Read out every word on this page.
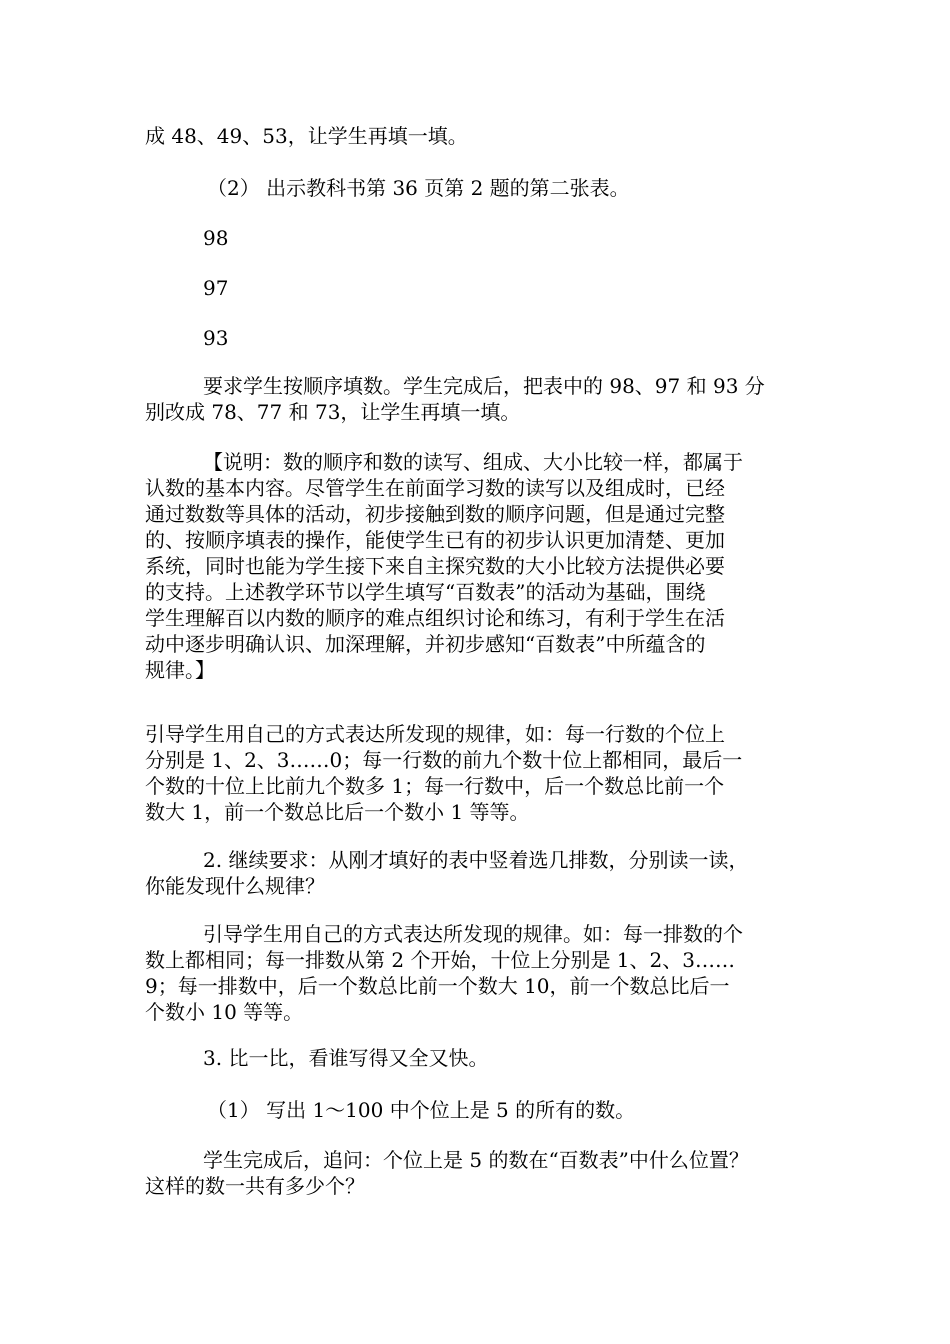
成 48、49、53，让学生再填一填。
（2） 出示教科书第 36 页第 2 题的第二张表。
98
97
93
要求学生按顺序填数。学生完成后，把表中的 98、97 和 93 分
别改成 78、77 和 73，让学生再填一填。
【说明：数的顺序和数的读写、组成、大小比较一样，都属于
认数的基本内容。尽管学生在前面学习数的读写以及组成时，已经
通过数数等具体的活动，初步接触到数的顺序问题，但是通过完整
的、按顺序填表的操作，能使学生已有的初步认识更加清楚、更加
系统，同时也能为学生接下来自主探究数的大小比较方法提供必要
的支持。上述教学环节以学生填写“百数表”的活动为基础，围绕
学生理解百以内数的顺序的难点组织讨论和练习，有利于学生在活
动中逐步明确认识、加深理解，并初步感知“百数表”中所蕴含的
规律。】
引导学生用自己的方式表达所发现的规律，如：每一行数的个位上
分别是 1、2、3……0；每一行数的前九个数十位上都相同，最后一
个数的十位上比前九个数多 1；每一行数中，后一个数总比前一个
数大 1，前一个数总比后一个数小 1 等等。
2. 继续要求：从刚才填好的表中竖着选几排数，分别读一读，
你能发现什么规律？
引导学生用自己的方式表达所发现的规律。如：每一排数的个
数上都相同；每一排数从第 2 个开始，十位上分别是 1、2、3……
9；每一排数中，后一个数总比前一个数大 10，前一个数总比后一
个数小 10 等等。
3. 比一比，看谁写得又全又快。
（1） 写出 1～100 中个位上是 5 的所有的数。
学生完成后，追问：个位上是 5 的数在“百数表”中什么位置？
这样的数一共有多少个？
